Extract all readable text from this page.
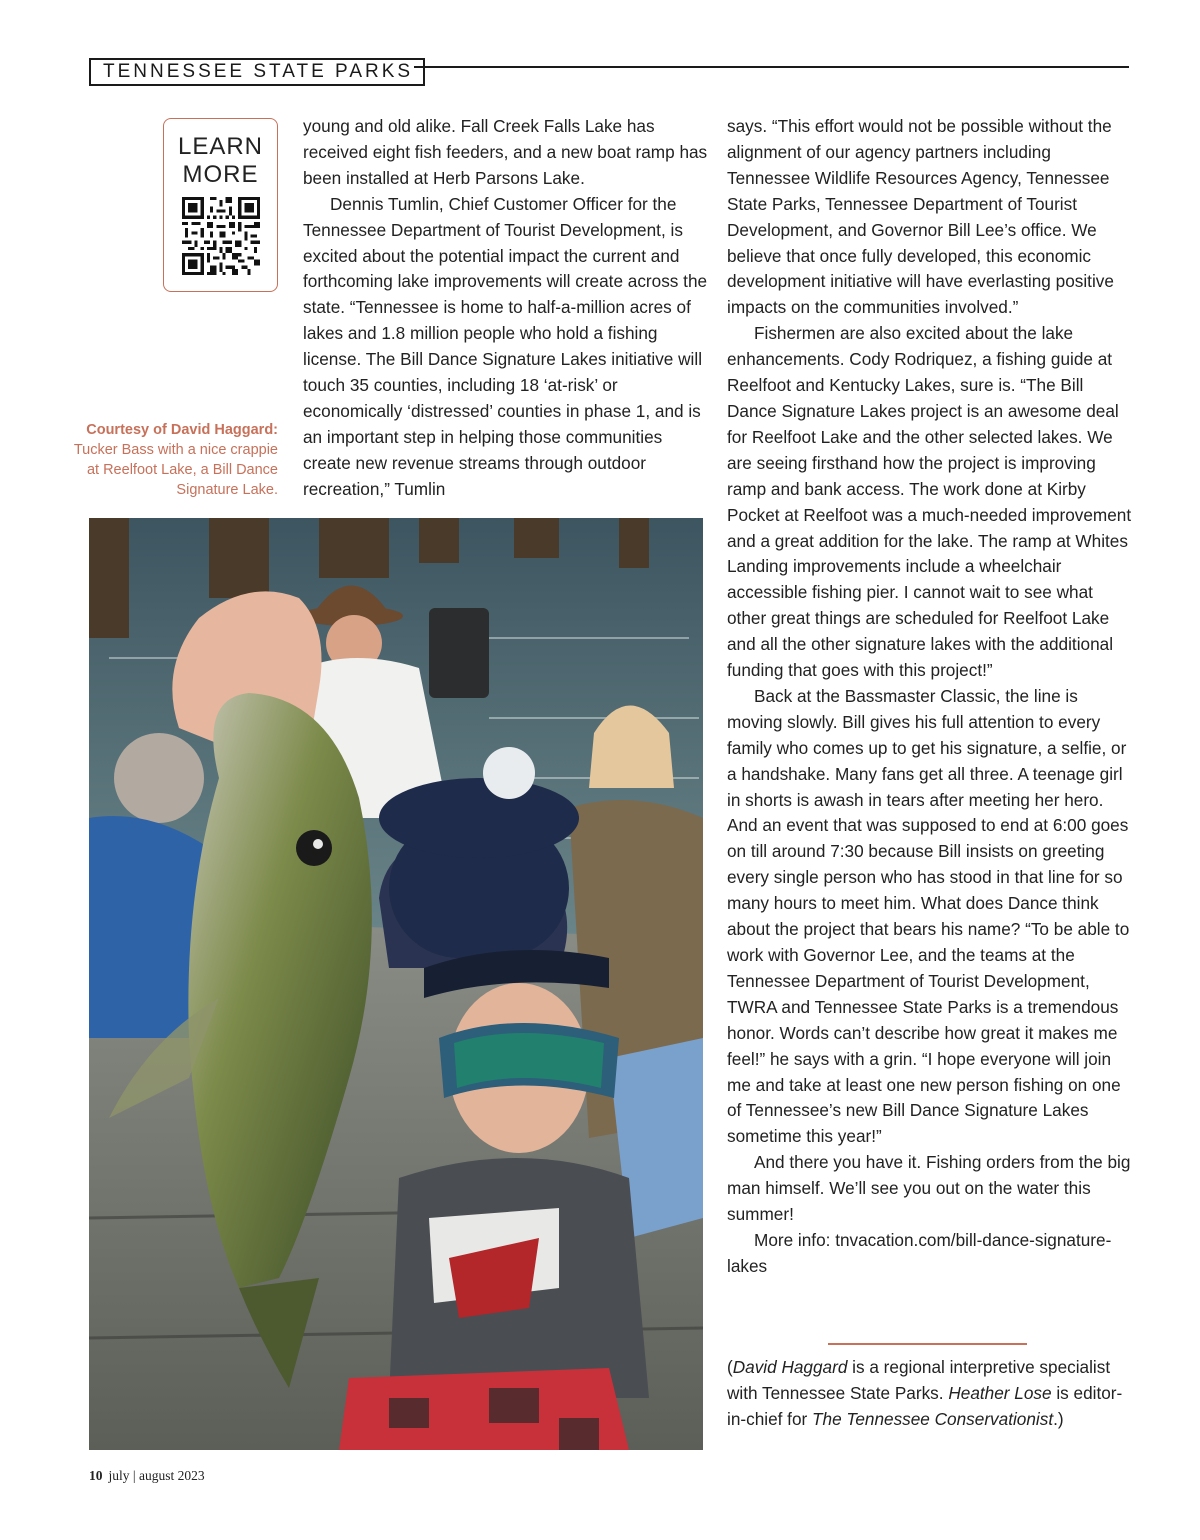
TENNESSEE STATE PARKS
LEARN
MORE
Courtesy of David Haggard: Tucker Bass with a nice crappie at Reelfoot Lake, a Bill Dance Signature Lake.

young and old alike. Fall Creek Falls Lake has received eight fish feeders, and a new boat ramp has been installed at Herb Parsons Lake.

Dennis Tumlin, Chief Customer Officer for the Tennessee Department of Tourist Development, is excited about the potential impact the current and forthcoming lake improvements will create across the state. “Tennessee is home to half-a-million acres of lakes and 1.8 million people who hold a fishing license. The Bill Dance Signature Lakes initiative will touch 35 counties, including 18 ‘at-risk’ or economically ‘distressed’ counties in phase 1, and is an important step in helping those communities create new revenue streams through outdoor recreation,” Tumlin

says. “This effort would not be possible without the alignment of our agency partners including Tennessee Wildlife Resources Agency, Tennessee State Parks, Tennessee Department of Tourist Development, and Governor Bill Lee’s office. We believe that once fully developed, this economic development initiative will have everlasting positive impacts on the communities involved.”

Fishermen are also excited about the lake enhancements. Cody Rodriquez, a fishing guide at Reelfoot and Kentucky Lakes, sure is. “The Bill Dance Signature Lakes project is an awesome deal for Reelfoot Lake and the other selected lakes. We are seeing firsthand how the project is improving ramp and bank access. The work done at Kirby Pocket at Reelfoot was a much-needed improvement and a great addition for the lake. The ramp at Whites Landing improvements include a wheelchair accessible fishing pier. I cannot wait to see what other great things are scheduled for Reelfoot Lake and all the other signature lakes with the additional funding that goes with this project!”

Back at the Bassmaster Classic, the line is moving slowly. Bill gives his full attention to every family who comes up to get his signature, a selfie, or a handshake. Many fans get all three. A teenage girl in shorts is awash in tears after meeting her hero. And an event that was supposed to end at 6:00 goes on till around 7:30 because Bill insists on greeting every single person who has stood in that line for so many hours to meet him. What does Dance think about the project that bears his name? “To be able to work with Governor Lee, and the teams at the Tennessee Department of Tourist Development, TWRA and Tennessee State Parks is a tremendous honor. Words can’t describe how great it makes me feel!” he says with a grin. “I hope everyone will join me and take at least one new person fishing on one of Tennessee’s new Bill Dance Signature Lakes sometime this year!”

And there you have it. Fishing orders from the big man himself. We’ll see you out on the water this summer!

More info: tnvacation.com/bill-dance-signature-lakes

(David Haggard is a regional interpretive specialist with Tennessee State Parks. Heather Lose is editor-in-chief for The Tennessee Conservationist.)
10 july | august 2023
